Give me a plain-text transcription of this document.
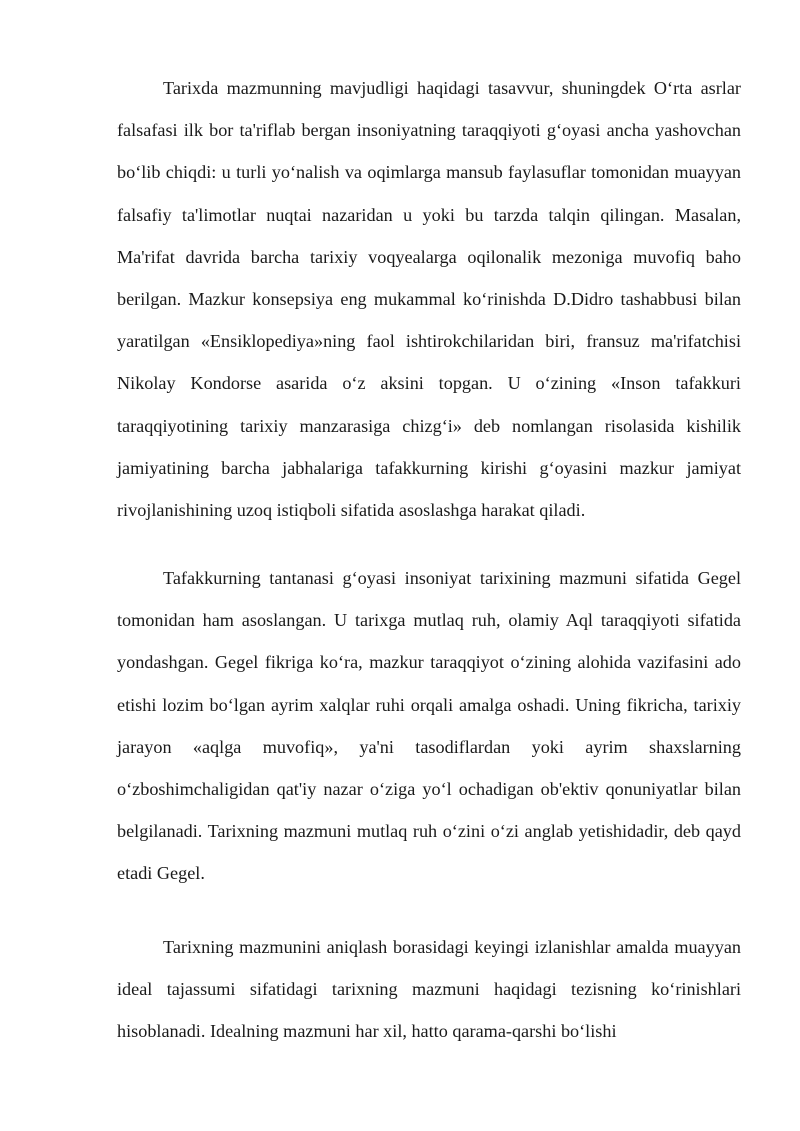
Tarixda mazmunning mavjudligi haqidagi tasavvur, shuningdek O‘rta asrlar falsafasi ilk bor ta'riflab bergan insoniyatning taraqqiyoti g‘oyasi ancha yashovchan bo‘lib chiqdi: u turli yo‘nalish va oqimlarga mansub faylasuflar tomonidan muayyan falsafiy ta'limotlar nuqtai nazaridan u yoki bu tarzda talqin qilingan. Masalan, Ma'rifat davrida barcha tarixiy voqyealarga oqilonalik mezoniga muvofiq baho berilgan. Mazkur konsepsiya eng mukammal ko‘rinishda D.Didro tashabbusi bilan yaratilgan «Ensiklopediya»ning faol ishtirokchilaridan biri, fransuz ma'rifatchisi Nikolay Kondorse asarida o‘z aksini topgan. U o‘zining «Inson tafakkuri taraqqiyotining tarixiy manzarasiga chizg‘i» deb nomlangan risolasida kishilik jamiyatining barcha jabhalariga tafakkurning kirishi g‘oyasini mazkur jamiyat rivojlanishining uzoq istiqboli sifatida asoslashga harakat qiladi.

Tafakkurning tantanasi g‘oyasi insoniyat tarixining mazmuni sifatida Gegel tomonidan ham asoslangan. U tarixga mutlaq ruh, olamiy Aql taraqqiyoti sifatida yondashgan. Gegel fikriga ko‘ra, mazkur taraqqiyot o‘zining alohida vazifasini ado etishi lozim bo‘lgan ayrim xalqlar ruhi orqali amalga oshadi. Uning fikricha, tarixiy jarayon «aqlga muvofiq», ya'ni tasodiflardan yoki ayrim shaxslarning o‘zboshimchaligidan qat'iy nazar o‘ziga yo‘l ochadigan ob'ektiv qonuniyatlar bilan belgilanadi. Tarixning mazmuni mutlaq ruh o‘zini o‘zi anglab yetishidadir, deb qayd etadi Gegel.

Tarixning mazmunini aniqlash borasidagi keyingi izlanishlar amalda muayyan ideal tajassumi sifatidagi tarixning mazmuni haqidagi tezisning ko‘rinishlari hisoblanadi. Idealning mazmuni har xil, hatto qarama-qarshi bo‘lishi
